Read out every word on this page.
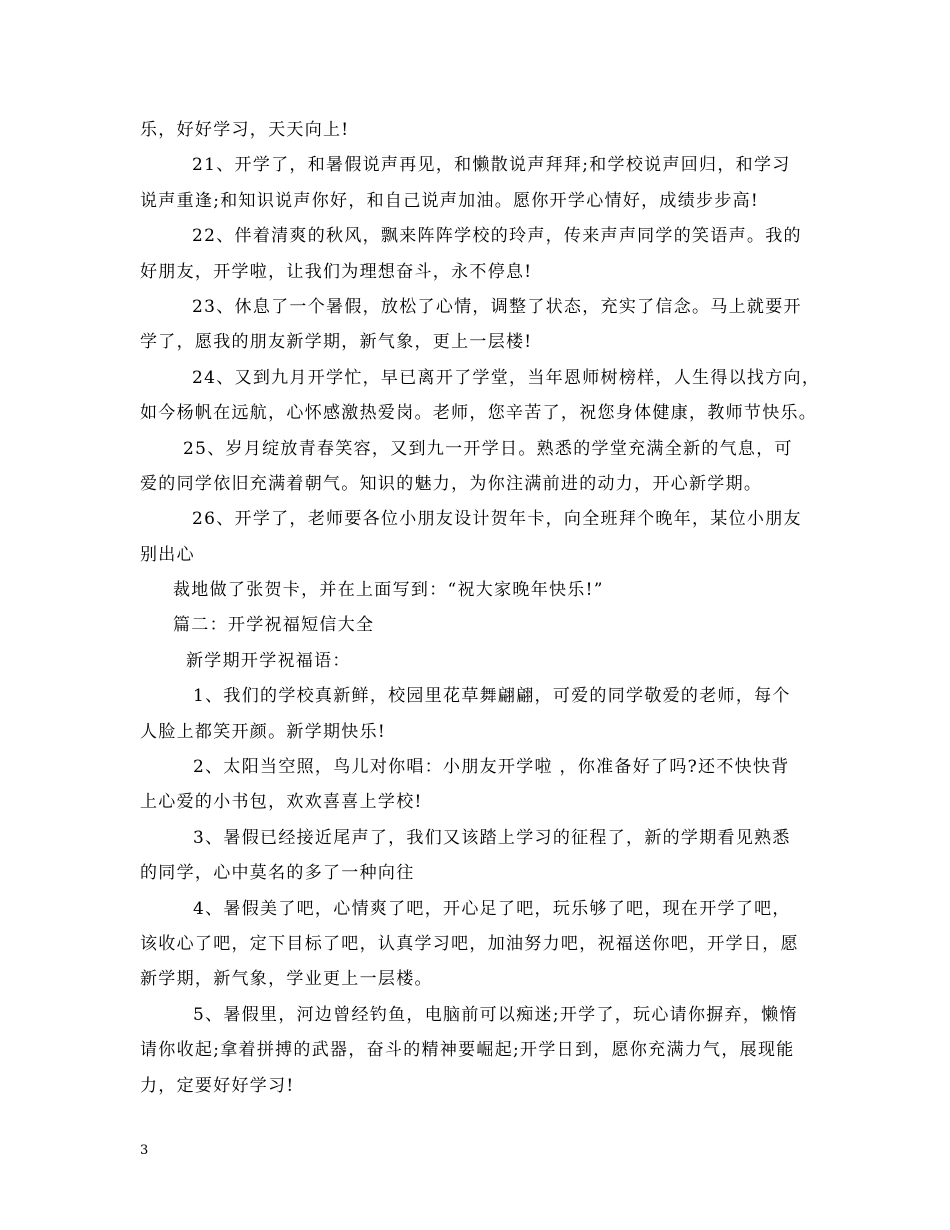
乐，好好学习，天天向上!

21、开学了，和暑假说声再见，和懒散说声拜拜;和学校说声回归，和学习

说声重逢;和知识说声你好，和自己说声加油。愿你开学心情好，成绩步步高!

22、伴着清爽的秋风，飘来阵阵学校的玲声，传来声声同学的笑语声。我的

好朋友，开学啦，让我们为理想奋斗，永不停息!

23、休息了一个暑假，放松了心情，调整了状态，充实了信念。马上就要开

学了，愿我的朋友新学期，新气象，更上一层楼!

24、又到九月开学忙，早已离开了学堂，当年恩师树榜样，人生得以找方向，

如今杨帆在远航，心怀感激热爱岗。老师，您辛苦了，祝您身体健康，教师节快乐。

25、岁月绽放青春笑容，又到九一开学日。熟悉的学堂充满全新的气息，可

爱的同学依旧充满着朝气。知识的魅力，为你注满前进的动力，开心新学期。

26、开学了，老师要各位小朋友设计贺年卡，向全班拜个晚年，某位小朋友

别出心

裁地做了张贺卡，并在上面写到：“祝大家晚年快乐!”

篇二：开学祝福短信大全

新学期开学祝福语：

1、我们的学校真新鲜，校园里花草舞翩翩，可爱的同学敬爱的老师，每个

人脸上都笑开颜。新学期快乐!

2、太阳当空照，鸟儿对你唱：小朋友开学啦 ，你准备好了吗?还不快快背

上心爱的小书包，欢欢喜喜上学校!

3、暑假已经接近尾声了，我们又该踏上学习的征程了，新的学期看见熟悉

的同学，心中莫名的多了一种向往

4、暑假美了吧，心情爽了吧，开心足了吧，玩乐够了吧，现在开学了吧，

该收心了吧，定下目标了吧，认真学习吧，加油努力吧，祝福送你吧，开学日，愿

新学期，新气象，学业更上一层楼。

5、暑假里，河边曾经钓鱼，电脑前可以痴迷;开学了，玩心请你摒弃，懒惰

请你收起;拿着拼搏的武器，奋斗的精神要崛起;开学日到，愿你充满力气，展现能

力，定要好好学习!

3
